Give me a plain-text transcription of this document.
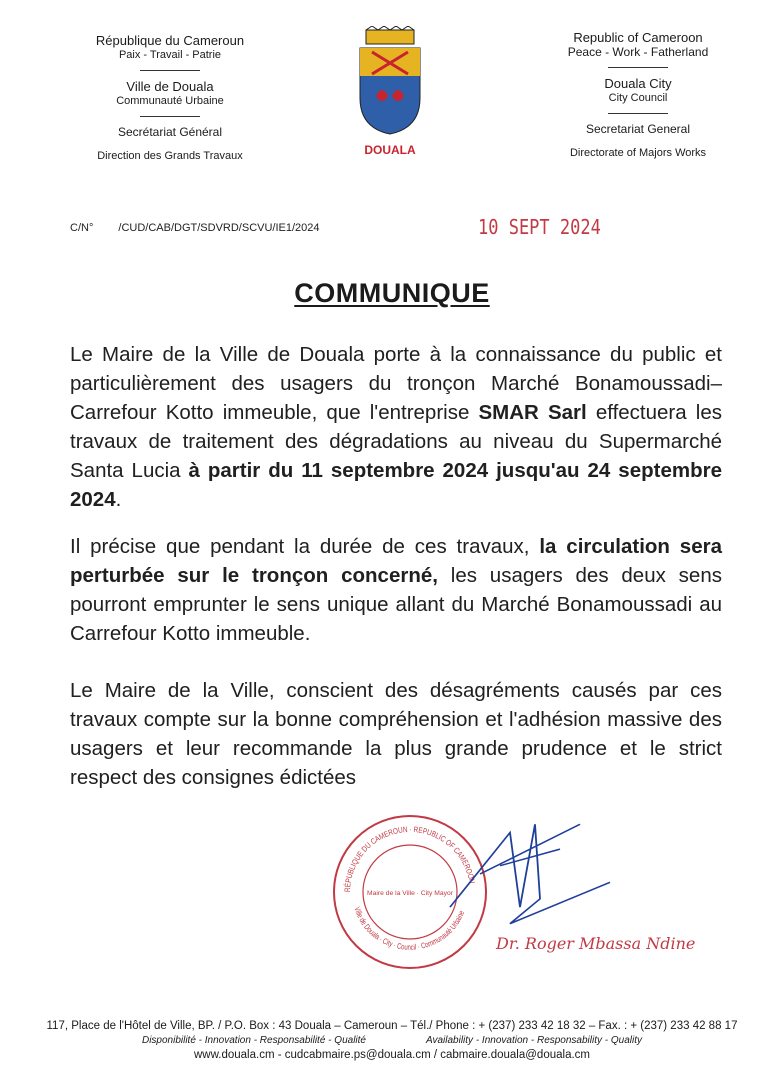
République du Cameroun
Paix - Travail - Patrie
Ville de Douala
Communauté Urbaine
Secrétariat Général
Direction des Grands Travaux	DOUALA
Republic of Cameroon
Peace - Work - Fatherland
Douala City
City Council
Secretariat General
Directorate of Majors Works
C/N° /CUD/CAB/DGT/SDVRD/SCVU/IE1/2024	10 SEPT 2024
COMMUNIQUE

Le Maire de la Ville de Douala porte à la connaissance du public et particulièrement des usagers du tronçon Marché Bonamoussadi– Carrefour Kotto immeuble, que l'entreprise SMAR Sarl effectuera les travaux de traitement des dégradations au niveau du Supermarché Santa Lucia à partir du 11 septembre 2024 jusqu'au 24 septembre 2024.

Il précise que pendant la durée de ces travaux, la circulation sera perturbée sur le tronçon concerné, les usagers des deux sens pourront emprunter le sens unique allant du Marché Bonamoussadi au Carrefour Kotto immeuble.

Le Maire de la Ville, conscient des désagréments causés par ces travaux compte sur la bonne compréhension et l'adhésion massive des usagers et leur recommande la plus grande prudence et le strict respect des consignes édictées

RÉPUBLIQUE DU CAMEROUN · REPUBLIC OF CAMEROON
Ville de Douala · City · Council · Communauté Urbaine
Maire de la Ville · City Mayor
Dr. Roger Mbassa Ndine
117, Place de l'Hôtel de Ville, BP. / P.O. Box : 43 Douala – Cameroun – Tél./ Phone : + (237) 233 42 18 32 – Fax. : + (237) 233 42 88 17
Disponibilité - Innovation - Responsabilité - Qualité	Availability - Innovation - Responsability - Quality
www.douala.cm - cudcabmaire.ps@douala.cm / cabmaire.douala@douala.cm
